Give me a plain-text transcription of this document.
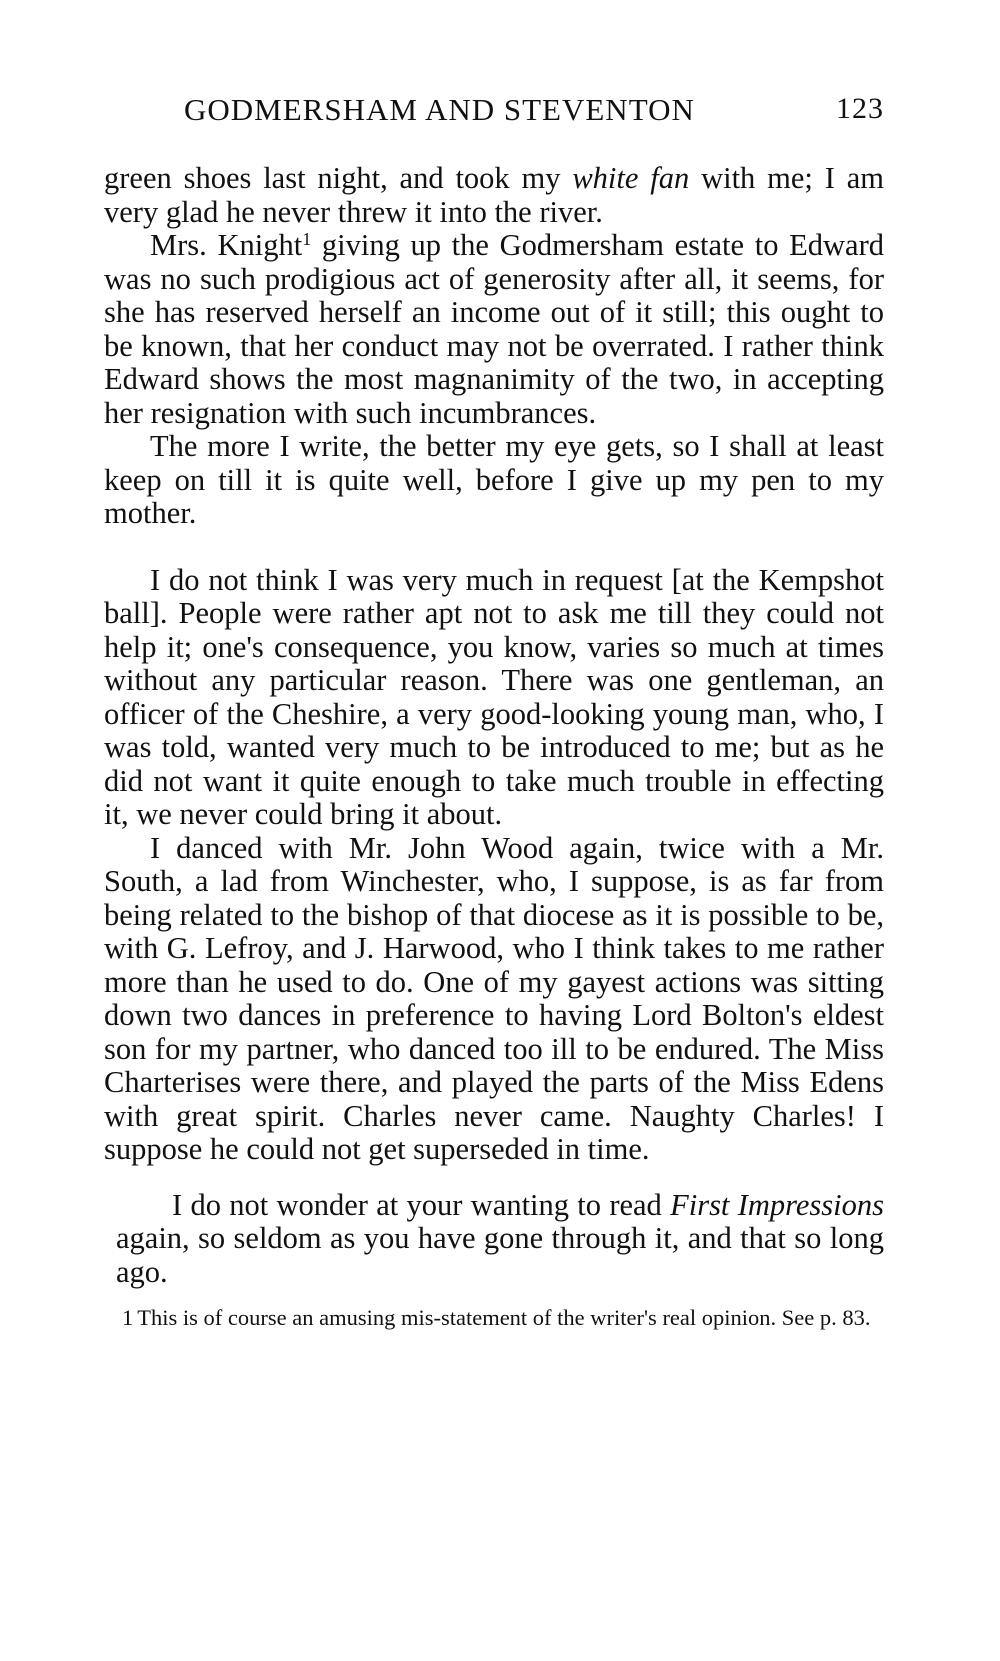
GODMERSHAM AND STEVENTON	123

green shoes last night, and took my white fan with me; I am very glad he never threw it into the river.

Mrs. Knight$^1$ giving up the Godmersham estate to Edward was no such prodigious act of generosity after all, it seems, for she has reserved herself an income out of it still; this ought to be known, that her conduct may not be overrated. I rather think Edward shows the most magnanimity of the two, in accepting her resignation with such incumbrances.

The more I write, the better my eye gets, so I shall at least keep on till it is quite well, before I give up my pen to my mother.

I do not think I was very much in request [at the Kempshot ball]. People were rather apt not to ask me till they could not help it; one's consequence, you know, varies so much at times without any particular reason. There was one gentleman, an officer of the Cheshire, a very good-looking young man, who, I was told, wanted very much to be introduced to me; but as he did not want it quite enough to take much trouble in effecting it, we never could bring it about.

I danced with Mr. John Wood again, twice with a Mr. South, a lad from Winchester, who, I suppose, is as far from being related to the bishop of that diocese as it is possible to be, with G. Lefroy, and J. Harwood, who I think takes to me rather more than he used to do. One of my gayest actions was sitting down two dances in preference to having Lord Bolton's eldest son for my partner, who danced too ill to be endured. The Miss Charterises were there, and played the parts of the Miss Edens with great spirit. Charles never came. Naughty Charles! I suppose he could not get superseded in time.

I do not wonder at your wanting to read First Impressions again, so seldom as you have gone through it, and that so long ago.

1 This is of course an amusing mis-statement of the writer's real opinion. See p. 83.
